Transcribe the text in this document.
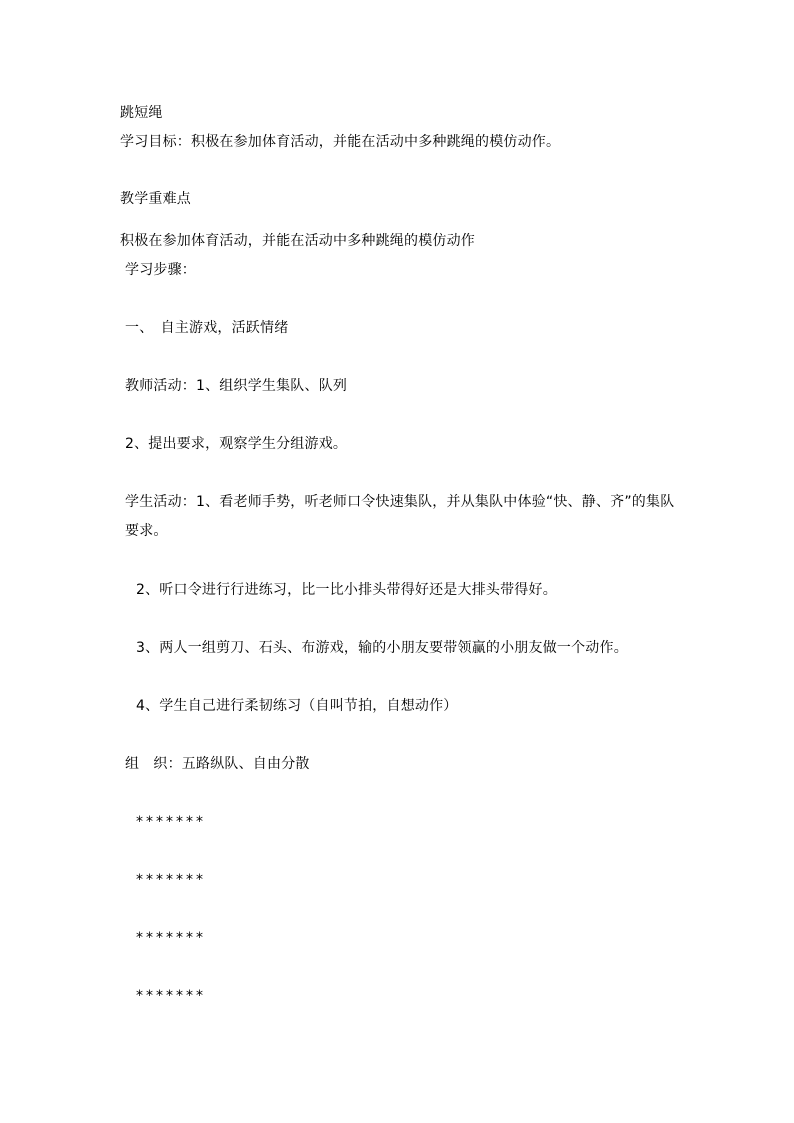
跳短绳
学习目标：积极在参加体育活动，并能在活动中多种跳绳的模仿动作。
教学重难点
积极在参加体育活动，并能在活动中多种跳绳的模仿动作
学习步骤：
一、　自主游戏，活跃情绪
教师活动：1、组织学生集队、队列
2、提出要求，观察学生分组游戏。
学生活动：1、看老师手势，听老师口令快速集队，并从集队中体验“快、静、齐”的集队要求。
2、听口令进行行进练习，比一比小排头带得好还是大排头带得好。
3、两人一组剪刀、石头、布游戏，输的小朋友要带领赢的小朋友做一个动作。
4、学生自己进行柔韧练习（自叫节拍，自想动作）
组　织：五路纵队、自由分散
*******
*******
*******
*******
